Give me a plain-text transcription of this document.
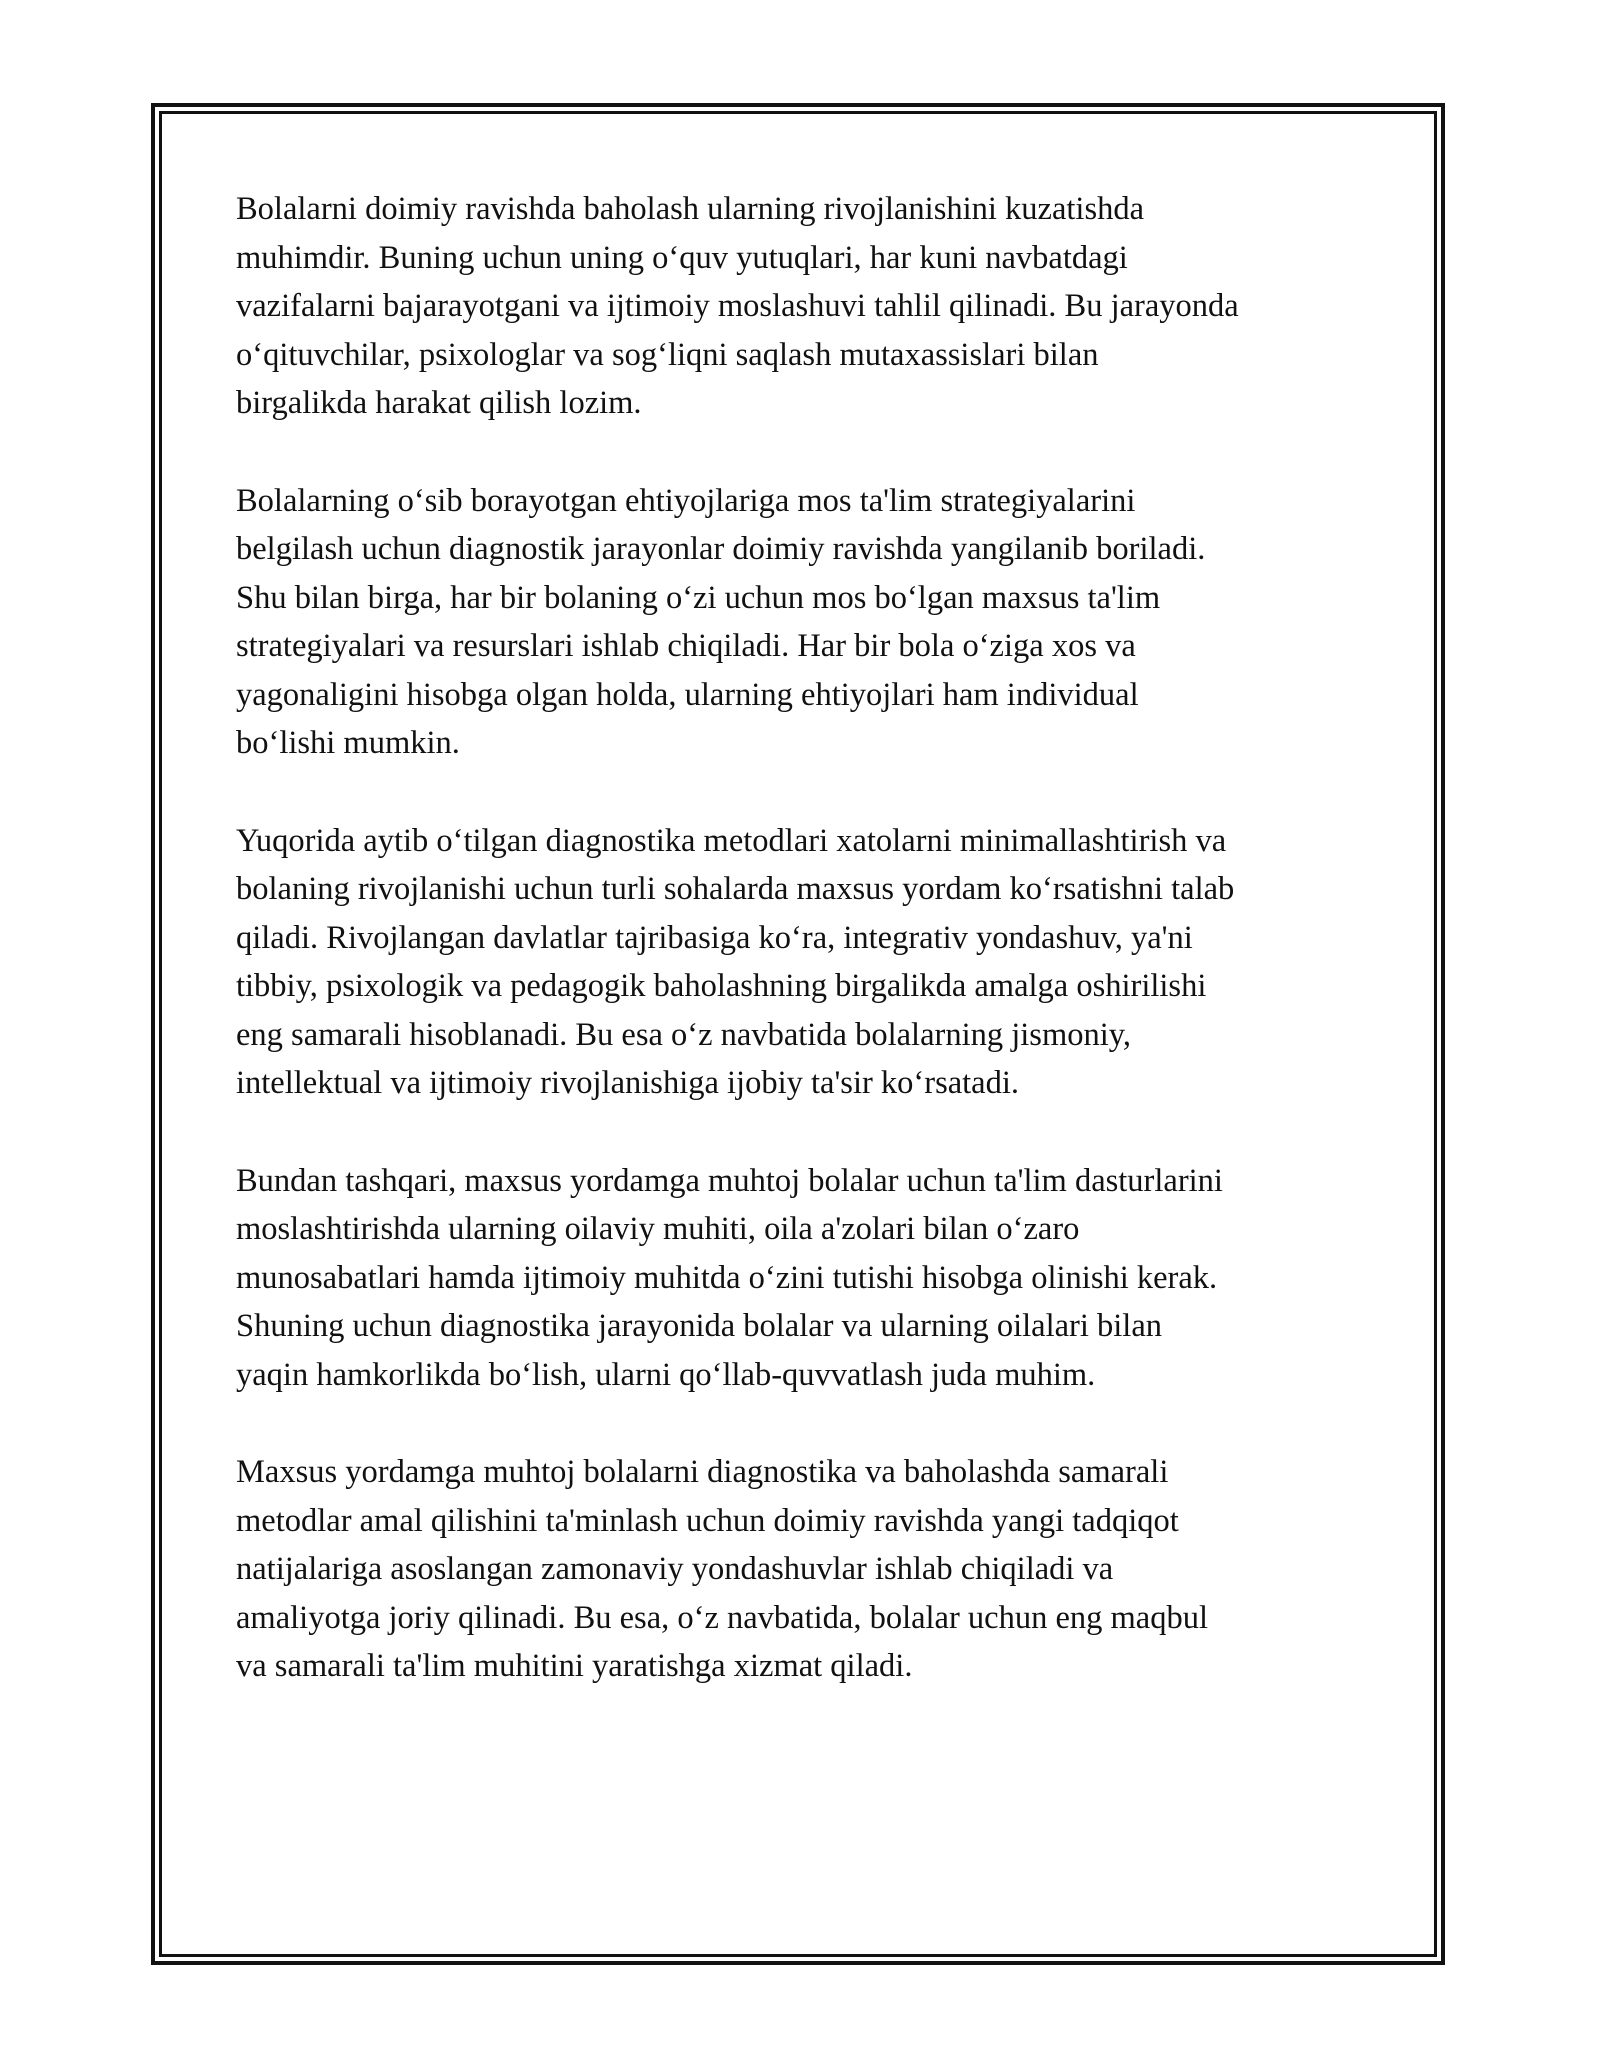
Bolalarni doimiy ravishda baholash ularning rivojlanishini kuzatishda
muhimdir. Buning uchun uning o‘quv yutuqlari, har kuni navbatdagi
vazifalarni bajarayotgani va ijtimoiy moslashuvi tahlil qilinadi. Bu jarayonda
o‘qituvchilar, psixologlar va sog‘liqni saqlash mutaxassislari bilan
birgalikda harakat qilish lozim.

Bolalarning o‘sib borayotgan ehtiyojlariga mos ta'lim strategiyalarini
belgilash uchun diagnostik jarayonlar doimiy ravishda yangilanib boriladi.
Shu bilan birga, har bir bolaning o‘zi uchun mos bo‘lgan maxsus ta'lim
strategiyalari va resurslari ishlab chiqiladi. Har bir bola o‘ziga xos va
yagonaligini hisobga olgan holda, ularning ehtiyojlari ham individual
bo‘lishi mumkin.

Yuqorida aytib o‘tilgan diagnostika metodlari xatolarni minimallashtirish va
bolaning rivojlanishi uchun turli sohalarda maxsus yordam ko‘rsatishni talab
qiladi. Rivojlangan davlatlar tajribasiga ko‘ra, integrativ yondashuv, ya'ni
tibbiy, psixologik va pedagogik baholashning birgalikda amalga oshirilishi
eng samarali hisoblanadi. Bu esa o‘z navbatida bolalarning jismoniy,
intellektual va ijtimoiy rivojlanishiga ijobiy ta'sir ko‘rsatadi.

Bundan tashqari, maxsus yordamga muhtoj bolalar uchun ta'lim dasturlarini
moslashtirishda ularning oilaviy muhiti, oila a'zolari bilan o‘zaro
munosabatlari hamda ijtimoiy muhitda o‘zini tutishi hisobga olinishi kerak.
Shuning uchun diagnostika jarayonida bolalar va ularning oilalari bilan
yaqin hamkorlikda bo‘lish, ularni qo‘llab-quvvatlash juda muhim.

Maxsus yordamga muhtoj bolalarni diagnostika va baholashda samarali
metodlar amal qilishini ta'minlash uchun doimiy ravishda yangi tadqiqot
natijalariga asoslangan zamonaviy yondashuvlar ishlab chiqiladi va
amaliyotga joriy qilinadi. Bu esa, o‘z navbatida, bolalar uchun eng maqbul
va samarali ta'lim muhitini yaratishga xizmat qiladi.
